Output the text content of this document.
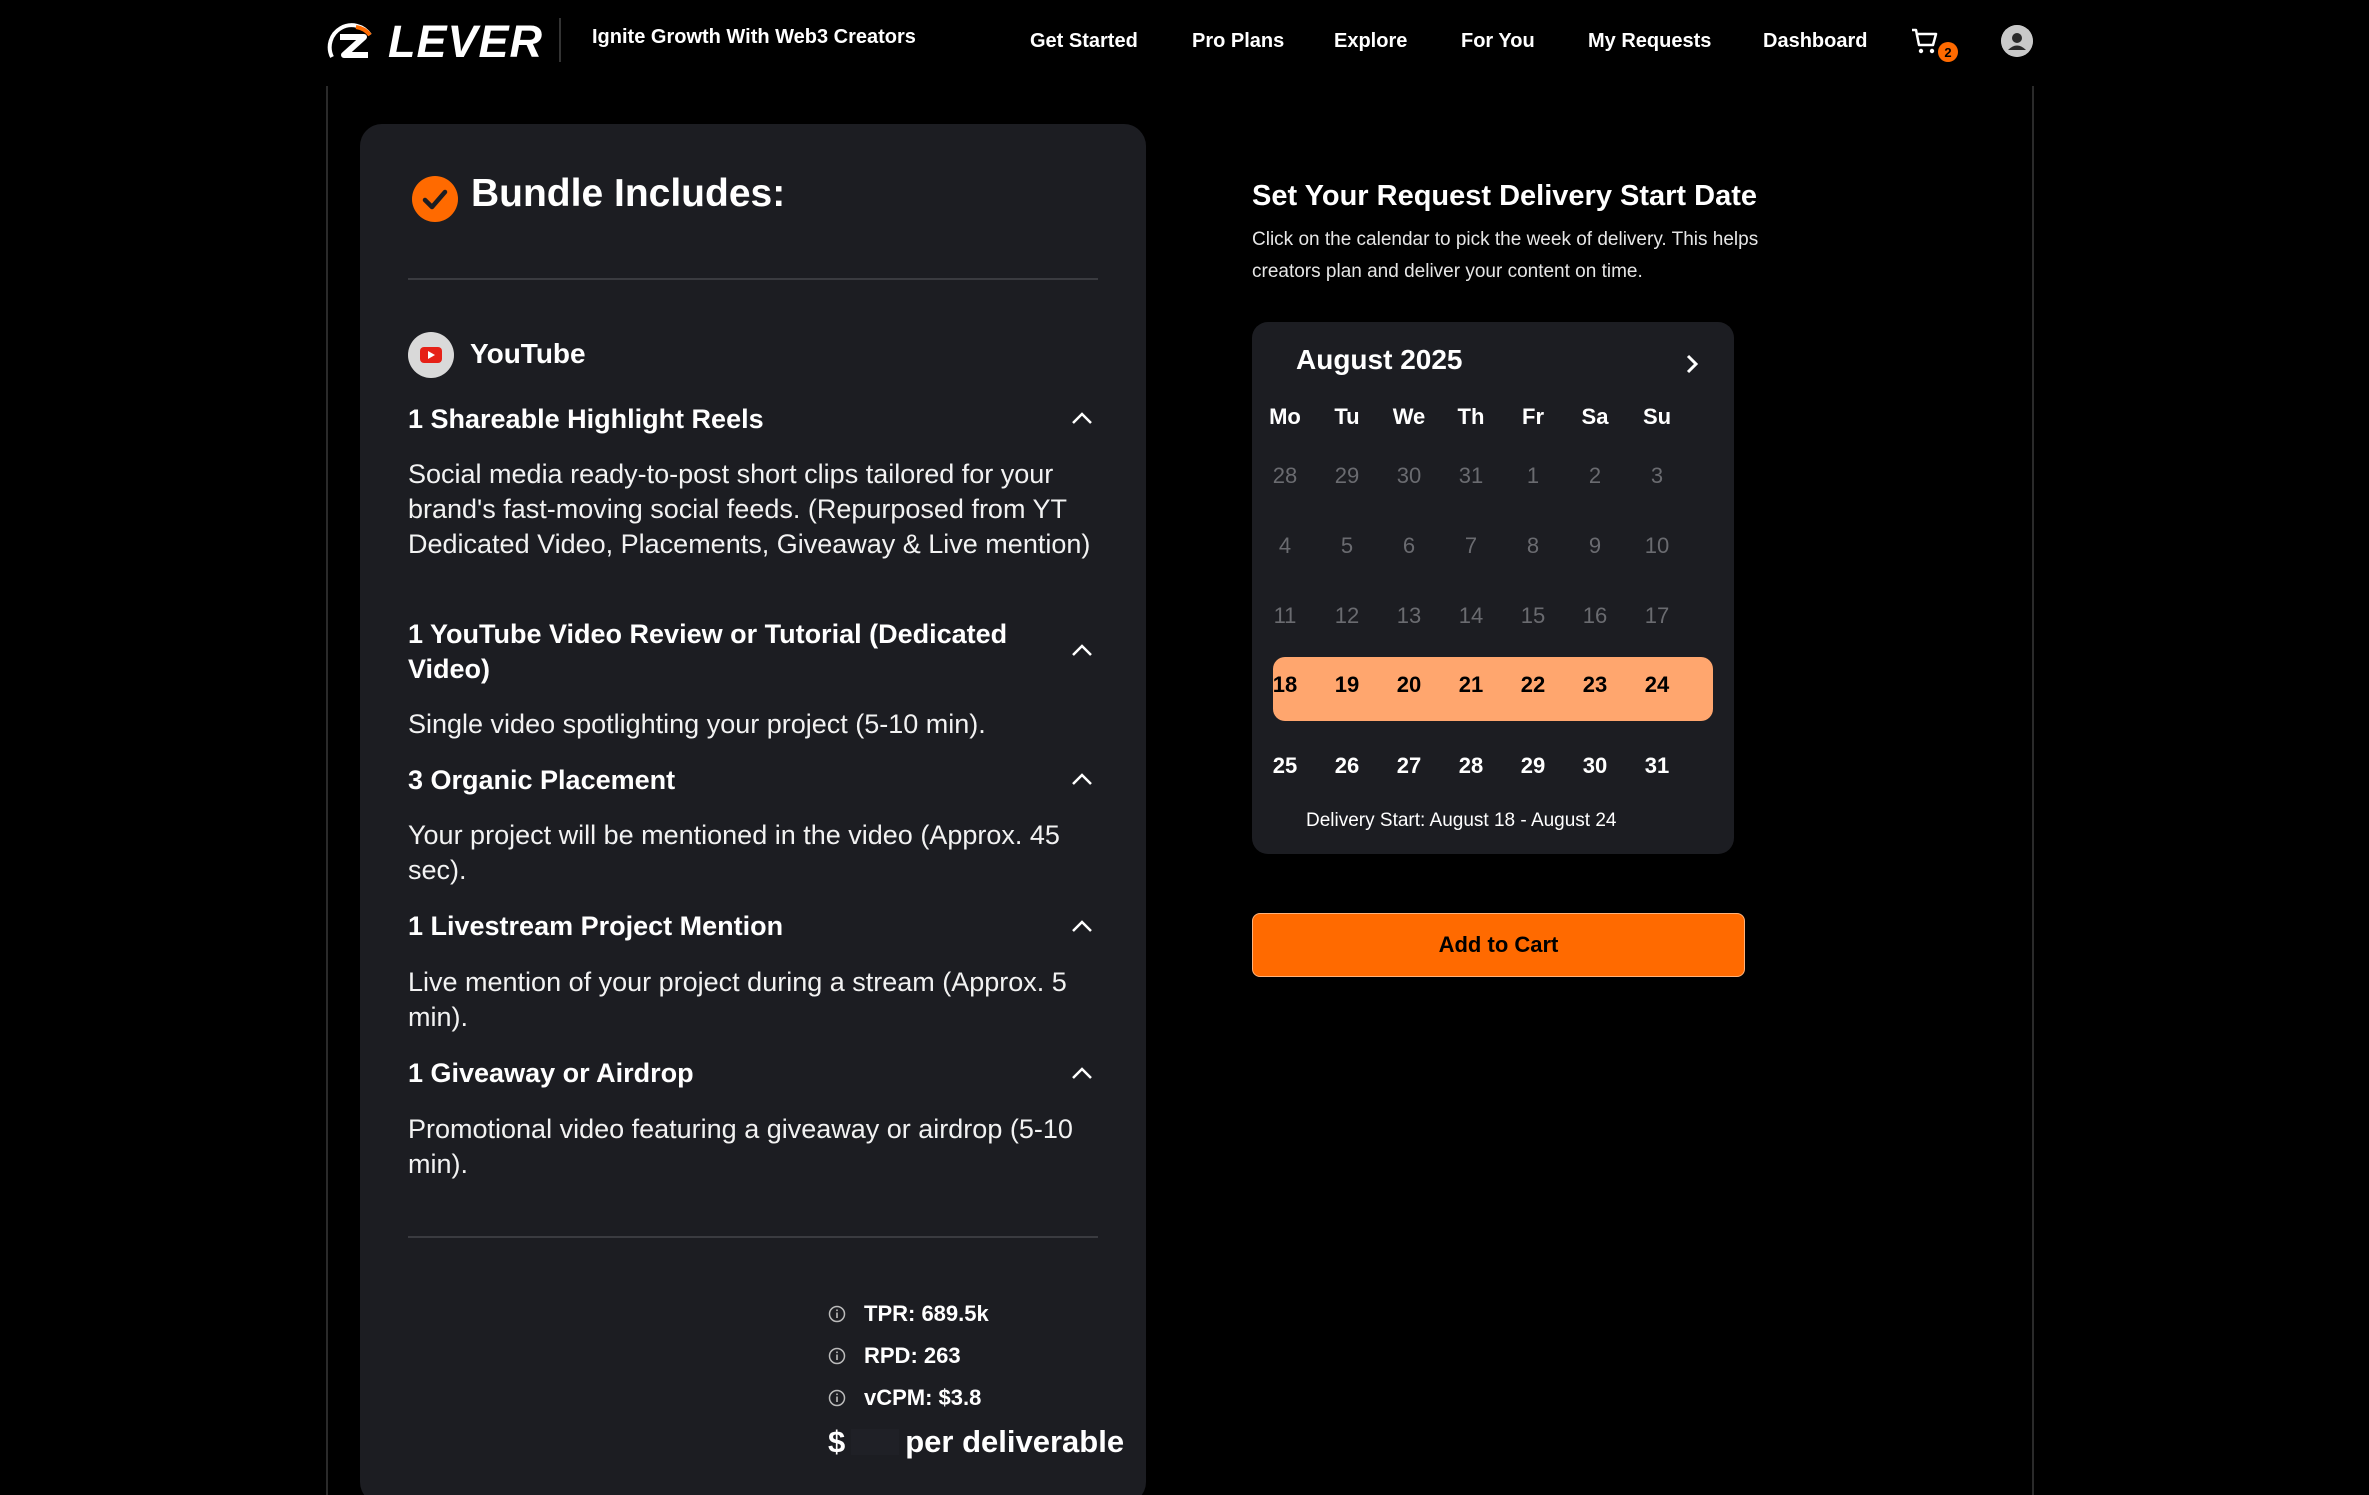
LEVER Ignite Growth With Web3 Creators	Get Started	Pro Plans Explore	For You	My Requests	Dashboard	2
Bundle Includes:
YouTube
1 Shareable Highlight Reels
Social media ready-to-post short clips tailored for your brand's fast-moving social feeds. (Repurposed from YT Dedicated Video, Placements, Giveaway & Live mention)
1 YouTube Video Review or Tutorial (Dedicated Video)
Single video spotlighting your project (5-10 min).
3 Organic Placement
Your project will be mentioned in the video (Approx. 45 sec).
1 Livestream Project Mention
Live mention of your project during a stream (Approx. 5 min).
1 Giveaway or Airdrop
Promotional video featuring a giveaway or airdrop (5-10 min).
TPR: 689.5k
RPD: 263
vCPM: $3.8
$ per deliverable
Set Your Request Delivery Start Date
Click on the calendar to pick the week of delivery. This helps creators plan and deliver your content on time.
August 2025
Mo	Tu	We	Th	Fr	Sa	Su
28	29	30	31	1	2	3
4	5	6	7	8	9	10
11	12	13	14	15	16	17
18	19	20	21	22	23	24
25	26	27	28	29	30	31
Delivery Start: August 18 - August 24
Add to Cart
